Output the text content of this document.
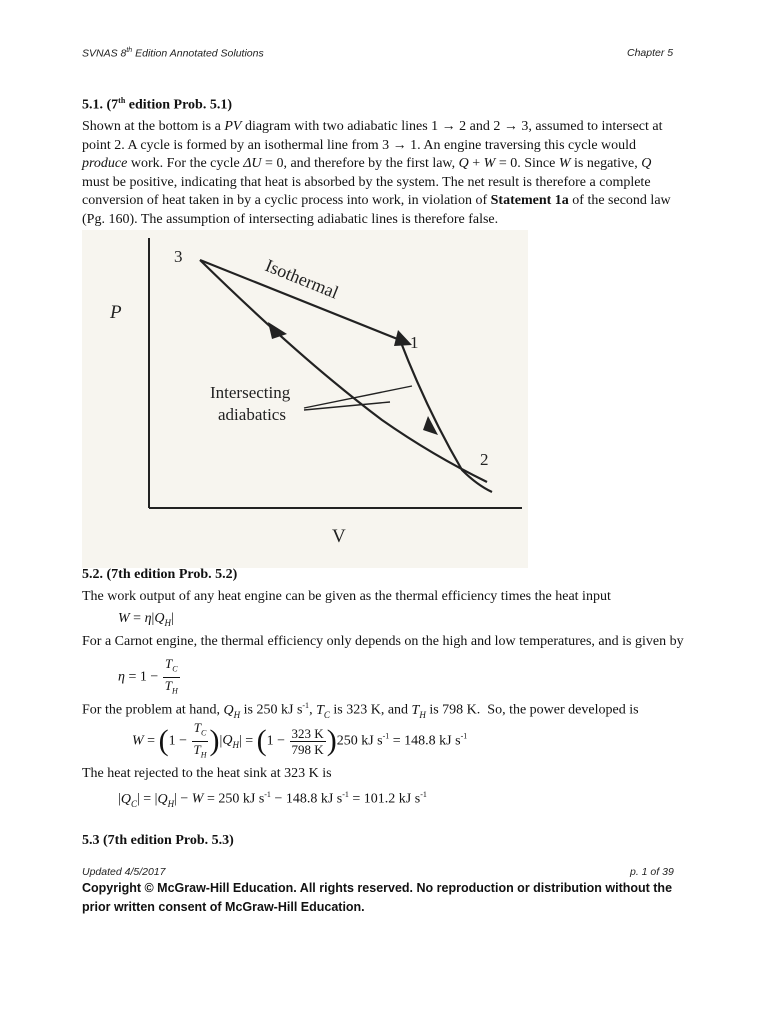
SVNAS 8th Edition Annotated Solutions	Chapter 5
5.1. (7th edition Prob. 5.1)
Shown at the bottom is a PV diagram with two adiabatic lines 1 → 2 and 2 → 3, assumed to intersect at
point 2. A cycle is formed by an isothermal line from 3 → 1. An engine traversing this cycle would
produce work. For the cycle ΔU = 0, and therefore by the first law, Q + W = 0. Since W is negative, Q
must be positive, indicating that heat is absorbed by the system. The net result is therefore a complete
conversion of heat taken in by a cyclic process into work, in violation of Statement 1a of the second law
(Pg. 160). The assumption of intersecting adiabatic lines is therefore false.
3
1
2
P
V
Isothermal
Intersecting
adiabatics
5.2. (7th edition Prob. 5.2)
The work output of any heat engine can be given as the thermal efficiency times the heat input
$W = \eta|Q_H|$
For a Carnot engine, the thermal efficiency only depends on the high and low temperatures, and is given by
$\eta = 1 - \frac{T_C}{T_H}$
For the problem at hand, $Q_H$ is 250 kJ $s^{-1}$, $T_C$ is 323 K, and $T_H$ is 798 K.  So, the power developed is
$W = (1 - \frac{T_C}{T_H} )|Q_H| = (1 - \frac{323 K}{798 K} )250$ kJ $s^{-1} = 148.8$ kJ $s^{-1}$
The heat rejected to the heat sink at 323 K is
$|Q_C| = |Q_H| - W = 250$ kJ $s^{-1} - 148.8$ kJ $s^{-1} = 101.2$ kJ $s^{-1}$
5.3 (7th edition Prob. 5.3)
Updated 4/5/2017	p. 1 of 39
Copyright © McGraw-Hill Education. All rights reserved. No reproduction or distribution without the prior written consent of McGraw-Hill Education.
